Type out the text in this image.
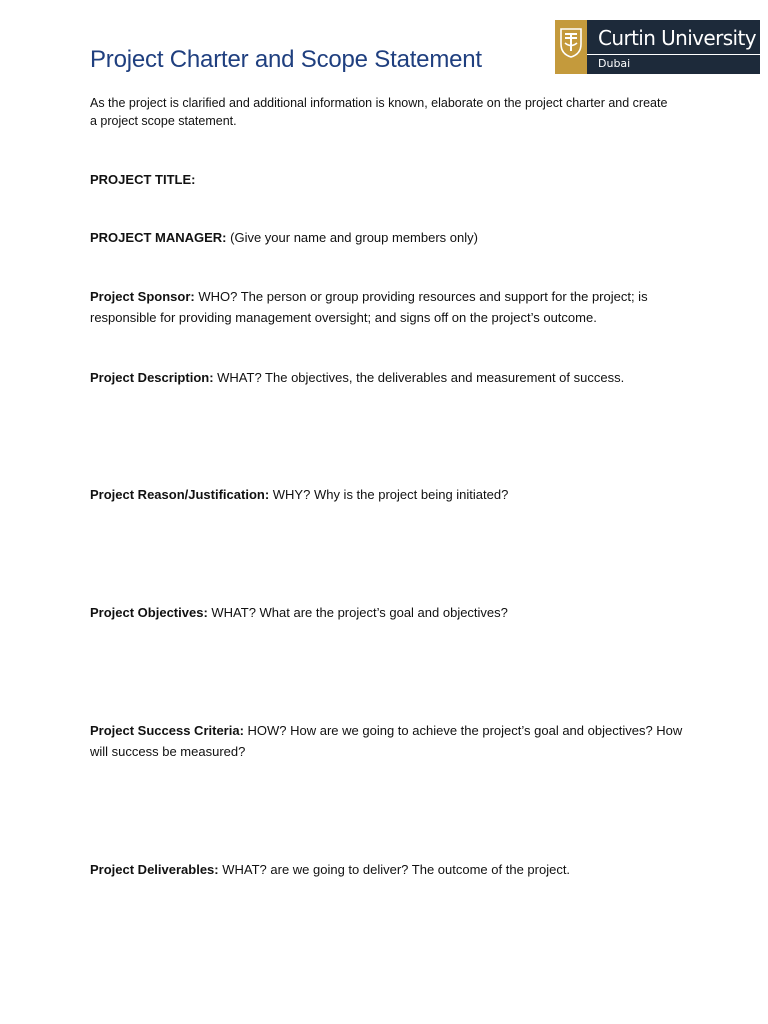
Curtin University
Dubai
Project Charter and Scope Statement

As the project is clarified and additional information is known, elaborate on the project charter and create a project scope statement.

PROJECT TITLE:

PROJECT MANAGER: (Give your name and group members only)

Project Sponsor: WHO? The person or group providing resources and support for the project; is responsible for providing management oversight; and signs off on the project’s outcome.

Project Description: WHAT? The objectives, the deliverables and measurement of success.

Project Reason/Justification: WHY? Why is the project being initiated?

Project Objectives: WHAT? What are the project’s goal and objectives?

Project Success Criteria: HOW? How are we going to achieve the project’s goal and objectives? How will success be measured?

Project Deliverables: WHAT? are we going to deliver? The outcome of the project.
